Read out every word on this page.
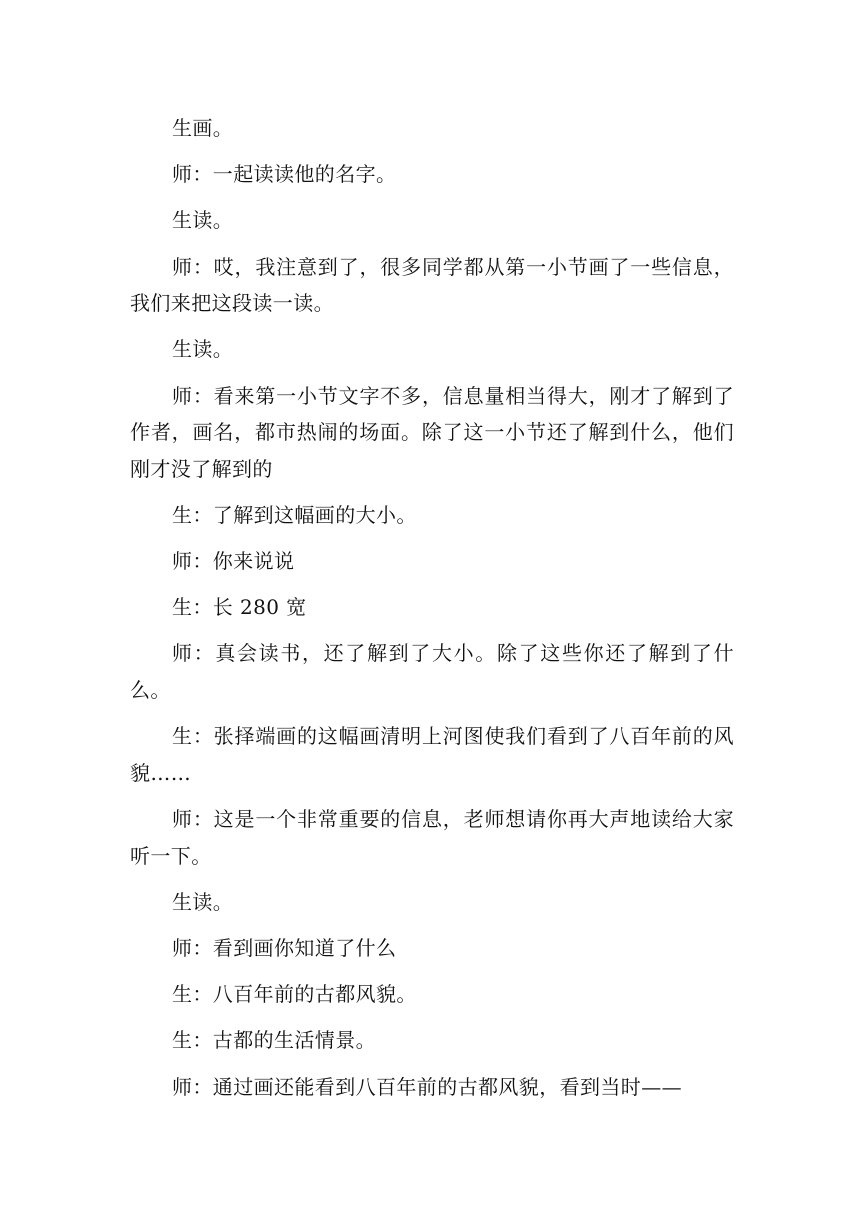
生画。

师：一起读读他的名字。

生读。

师：哎，我注意到了，很多同学都从第一小节画了一些信息，我们来把这段读一读。

生读。

师：看来第一小节文字不多，信息量相当得大，刚才了解到了作者，画名，都市热闹的场面。除了这一小节还了解到什么，他们刚才没了解到的

生：了解到这幅画的大小。

师：你来说说

生：长 280 宽

师：真会读书，还了解到了大小。除了这些你还了解到了什么。

生：张择端画的这幅画清明上河图使我们看到了八百年前的风貌……

师：这是一个非常重要的信息，老师想请你再大声地读给大家听一下。

生读。

师：看到画你知道了什么

生：八百年前的古都风貌。

生：古都的生活情景。

师：通过画还能看到八百年前的古都风貌，看到当时——
